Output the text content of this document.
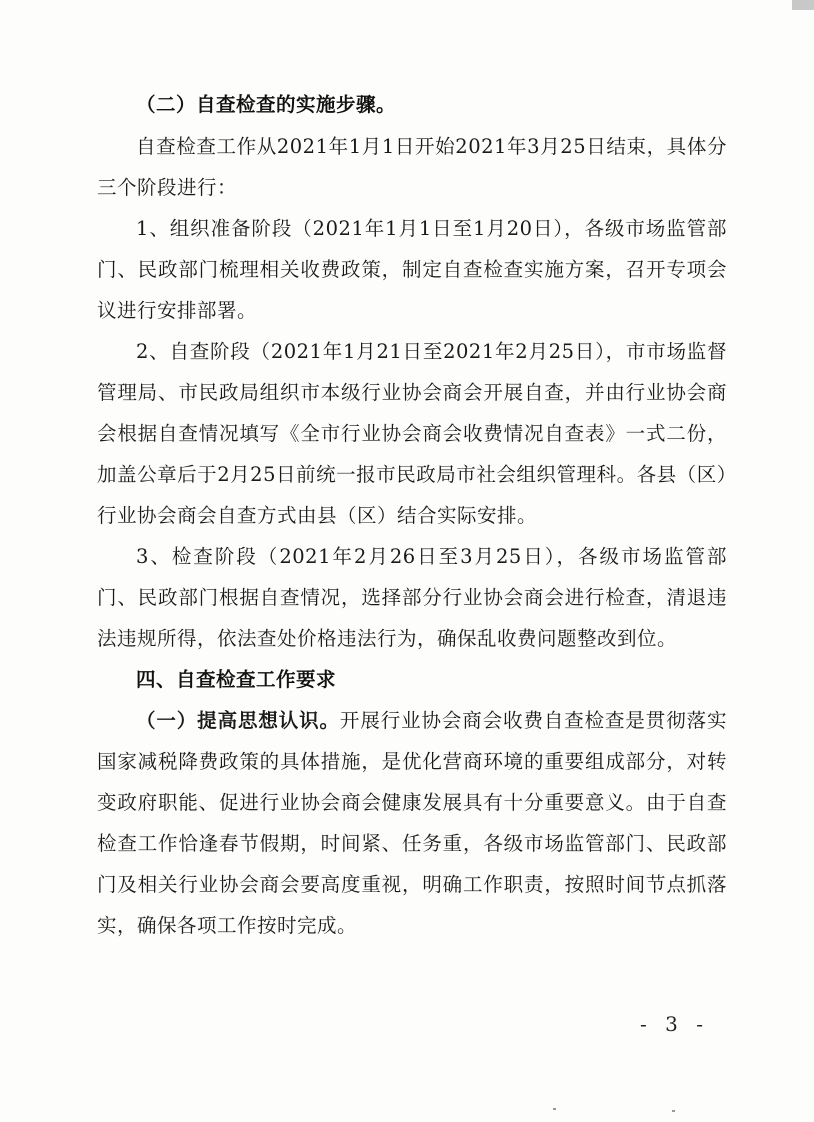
（二）自查检查的实施步骤。

自查检查工作从2021年1月1日开始2021年3月25日结束，具体分三个阶段进行：

1、组织准备阶段（2021年1月1日至1月20日），各级市场监管部门、民政部门梳理相关收费政策，制定自查检查实施方案，召开专项会议进行安排部署。

2、自查阶段（2021年1月21日至2021年2月25日），市市场监督管理局、市民政局组织市本级行业协会商会开展自查，并由行业协会商会根据自查情况填写《全市行业协会商会收费情况自查表》一式二份，加盖公章后于2月25日前统一报市民政局市社会组织管理科。各县（区）行业协会商会自查方式由县（区）结合实际安排。

3、检查阶段（2021年2月26日至3月25日），各级市场监管部门、民政部门根据自查情况，选择部分行业协会商会进行检查，清退违法违规所得，依法查处价格违法行为，确保乱收费问题整改到位。

四、自查检查工作要求

（一）提高思想认识。开展行业协会商会收费自查检查是贯彻落实国家减税降费政策的具体措施，是优化营商环境的重要组成部分，对转变政府职能、促进行业协会商会健康发展具有十分重要意义。由于自查检查工作恰逢春节假期，时间紧、任务重，各级市场监管部门、民政部门及相关行业协会商会要高度重视，明确工作职责，按照时间节点抓落实，确保各项工作按时完成。

- 3 -
